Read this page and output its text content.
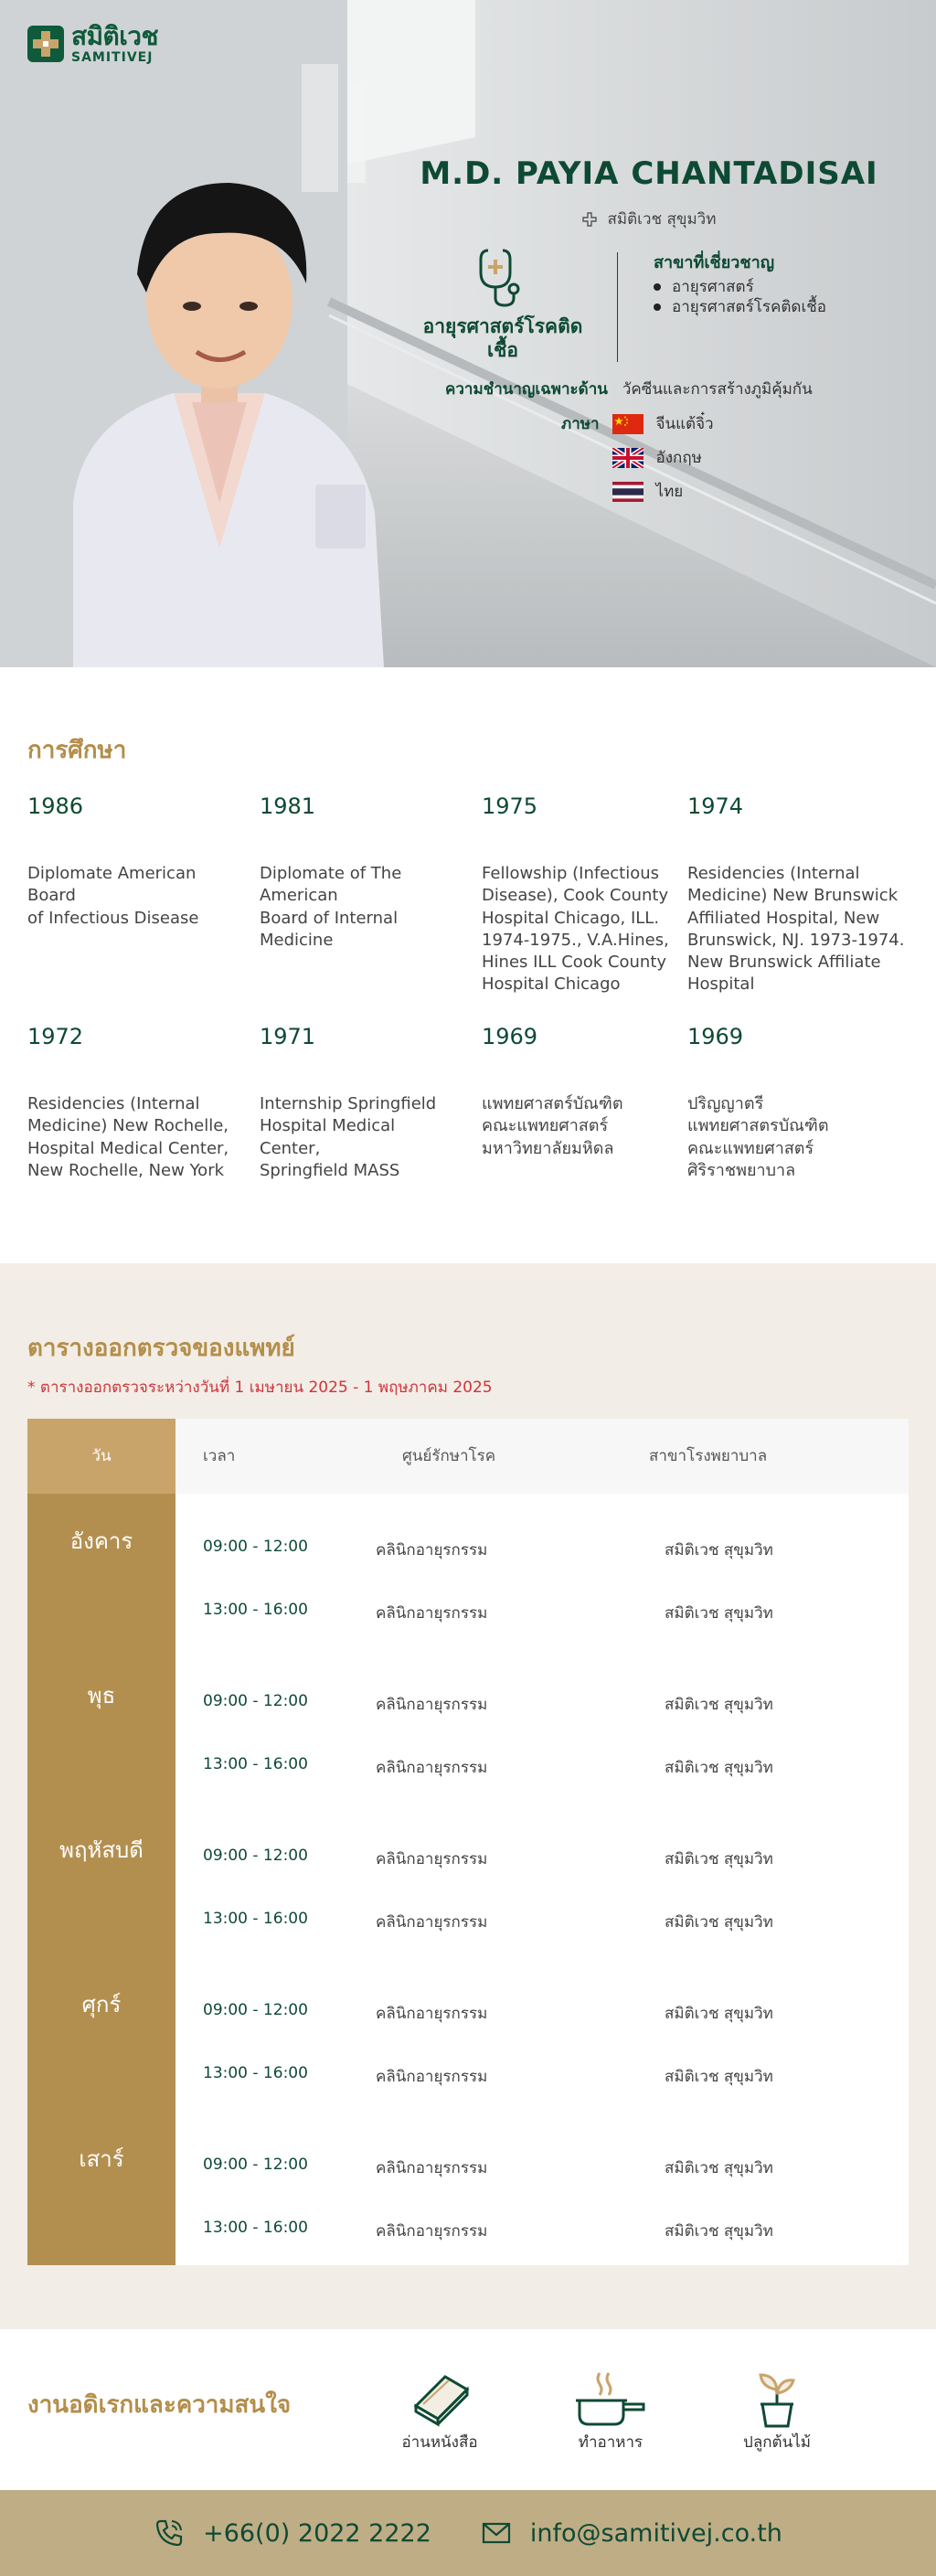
สมิติเวช
SAMITIVEJ
M.D. PAYIA CHANTADISAI
สมิติเวช สุขุมวิท
อายุรศาสตร์โรคติดเชื้อ
สาขาที่เชี่ยวชาญ
อายุรศาสตร์
อายุรศาสตร์โรคติดเชื้อ
ความชำนาญเฉพาะด้าน วัคซีนและการสร้างภูมิคุ้มกัน
ภาษา	จีนแต้จิ๋ว
อังกฤษ
ไทย
การศึกษา
1986
Diplomate American
Board
of Infectious Disease
1981
Diplomate of The
American
Board of Internal
Medicine
1975
Fellowship (Infectious
Disease), Cook County
Hospital Chicago, ILL.
1974-1975., V.A.Hines,
Hines ILL Cook County
Hospital Chicago
1974
Residencies (Internal
Medicine) New Brunswick
Affiliated Hospital, New
Brunswick, NJ. 1973-1974.
New Brunswick Affiliate
Hospital
1972
Residencies (Internal
Medicine) New Rochelle,
Hospital Medical Center,
New Rochelle, New York
1971
Internship Springfield
Hospital Medical
Center,
Springfield MASS
1969
แพทยศาสตร์บัณฑิต
คณะแพทยศาสตร์
มหาวิทยาลัยมหิดล
1969
ปริญญาตรี
แพทยศาสตรบัณฑิต
คณะแพทยศาสตร์
ศิริราชพยาบาล
ตารางออกตรวจของแพทย์

* ตารางออกตรวจระหว่างวันที่ 1 เมษายน 2025 - 1 พฤษภาคม 2025

วัน	เวลา	ศูนย์รักษาโรค	สาขาโรงพยาบาล
อังคาร	09:00 - 12:00	คลินิกอายุรกรรม	สมิติเวช สุขุมวิท
13:00 - 16:00	คลินิกอายุรกรรม	สมิติเวช สุขุมวิท
พุธ	09:00 - 12:00	คลินิกอายุรกรรม	สมิติเวช สุขุมวิท
13:00 - 16:00	คลินิกอายุรกรรม	สมิติเวช สุขุมวิท
พฤหัสบดี	09:00 - 12:00	คลินิกอายุรกรรม	สมิติเวช สุขุมวิท
13:00 - 16:00	คลินิกอายุรกรรม	สมิติเวช สุขุมวิท
ศุกร์	09:00 - 12:00	คลินิกอายุรกรรม	สมิติเวช สุขุมวิท
13:00 - 16:00	คลินิกอายุรกรรม	สมิติเวช สุขุมวิท
เสาร์	09:00 - 12:00	คลินิกอายุรกรรม	สมิติเวช สุขุมวิท
13:00 - 16:00	คลินิกอายุรกรรม	สมิติเวช สุขุมวิท
งานอดิเรกและความสนใจ
อ่านหนังสือ	ทำอาหาร	ปลูกต้นไม้
+66(0) 2022 2222	info@samitivej.co.th
